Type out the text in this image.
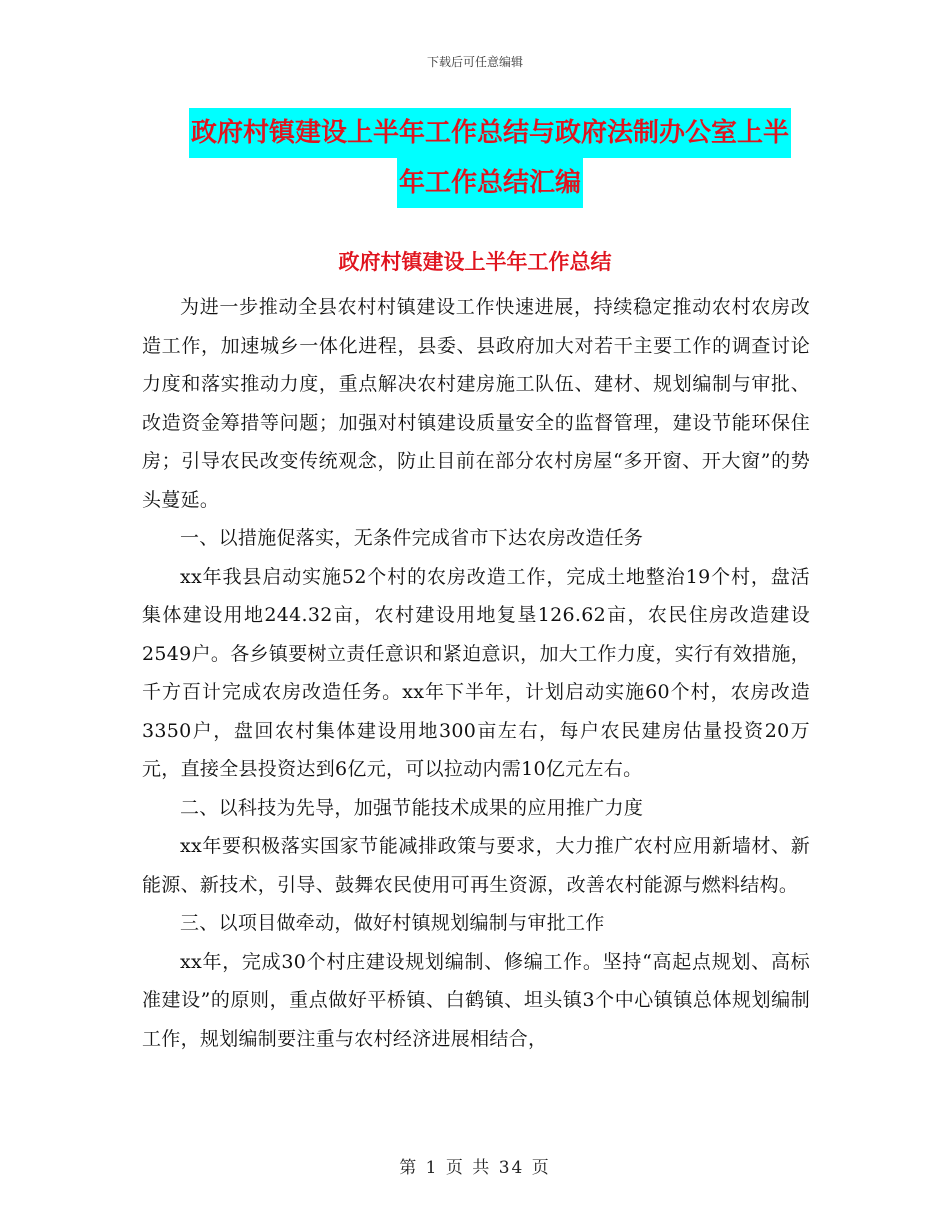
下载后可任意编辑
政府村镇建设上半年工作总结与政府法制办公室上半
年工作总结汇编
政府村镇建设上半年工作总结

为进一步推动全县农村村镇建设工作快速进展，持续稳定推动农村农房改造工作，加速城乡一体化进程，县委、县政府加大对若干主要工作的调查讨论力度和落实推动力度，重点解决农村建房施工队伍、建材、规划编制与审批、改造资金筹措等问题；加强对村镇建设质量安全的监督管理，建设节能环保住房；引导农民改变传统观念，防止目前在部分农村房屋“多开窗、开大窗”的势头蔓延。

一、以措施促落实，无条件完成省市下达农房改造任务

xx年我县启动实施52个村的农房改造工作，完成土地整治19个村，盘活集体建设用地244.32亩，农村建设用地复垦126.62亩，农民住房改造建设2549户。各乡镇要树立责任意识和紧迫意识，加大工作力度，实行有效措施，千方百计完成农房改造任务。xx年下半年，计划启动实施60个村，农房改造3350户，盘回农村集体建设用地300亩左右，每户农民建房估量投资20万元，直接全县投资达到6亿元，可以拉动内需10亿元左右。

二、以科技为先导，加强节能技术成果的应用推广力度

xx年要积极落实国家节能减排政策与要求，大力推广农村应用新墙材、新能源、新技术，引导、鼓舞农民使用可再生资源，改善农村能源与燃料结构。

三、以项目做牵动，做好村镇规划编制与审批工作

xx年，完成30个村庄建设规划编制、修编工作。坚持“高起点规划、高标准建设”的原则，重点做好平桥镇、白鹤镇、坦头镇3个中心镇镇总体规划编制工作，规划编制要注重与农村经济进展相结合，

第 1 页 共 34 页
